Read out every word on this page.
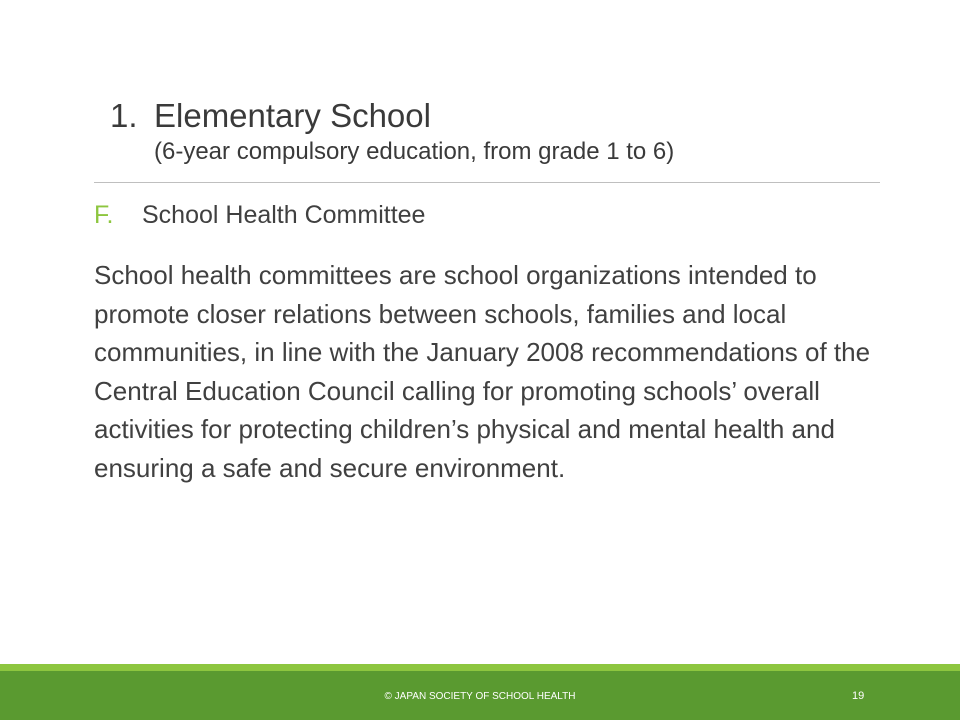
1. Elementary School
(6-year compulsory education, from grade 1 to 6)
F. School Health Committee
School health committees are school organizations intended to promote closer relations between schools, families and local communities, in line with the January 2008 recommendations of the Central Education Council calling for promoting schools’ overall activities for protecting children’s physical and mental health and ensuring a safe and secure environment.
© JAPAN SOCIETY OF SCHOOL HEALTH	19
